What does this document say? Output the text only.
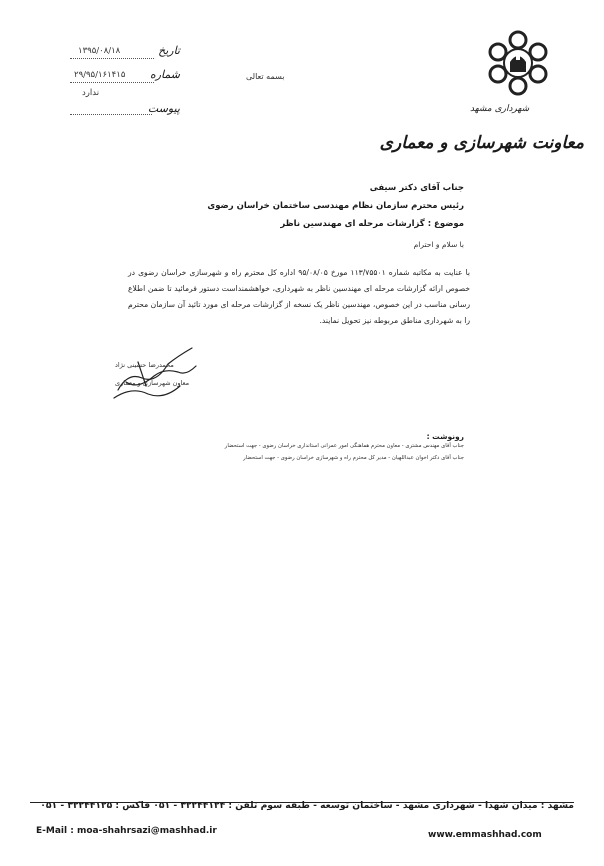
شهرداری مشهد
معاونت شهرسازی و معماری
بسمه تعالی
۱۳۹۵/۰۸/۱۸	تاریخ
۲۹/۹۵/۱۶۱۴۱۵ شماره
ندارد
پیوست
جناب آقای دکتر سیفی
رئیس محترم سازمان نظام مهندسی ساختمان خراسان رضوی
موضوع : گزارشات مرحله ای مهندسین ناظر
با سلام و احترام
با عنایت به مکاتبه شماره ۱۱۳/۷۵۵۰۱ مورخ ۹۵/۰۸/۰۵ اداره کل محترم راه و شهرسازی خراسان رضوی در خصوص ارائه گزارشات مرحله ای مهندسین ناظر به شهرداری، خواهشمنداست دستور فرمائید تا ضمن اطلاع رسانی مناسب در این خصوص، مهندسین ناظر یک نسخه از گزارشات مرحله ای مورد تائید آن سازمان محترم را به شهرداری مناطق مربوطه نیز تحویل نمایند.
محمدرضا حسینی نژاد
معاون شهرسازی و معماری
رونوشت :
جناب آقای مهندس مشتری - معاون محترم هماهنگی امور عمرانی استانداری خراسان رضوی - جهت استحضار
جناب آقای دکتر اخوان عبداللهیان - مدیر کل محترم راه و شهرسازی خراسان رضوی - جهت استحضار
مشهد : میدان شهدا - شهرداری مشهد - ساختمان توسعه - طبقه سوم تلفن : ۳۲۲۴۴۱۲۴ - ۰۵۱ فاکس : ۳۲۲۴۴۱۲۵ - ۰۵۱
E-Mail : moa-shahrsazi@mashhad.ir	www.emmashhad.com
